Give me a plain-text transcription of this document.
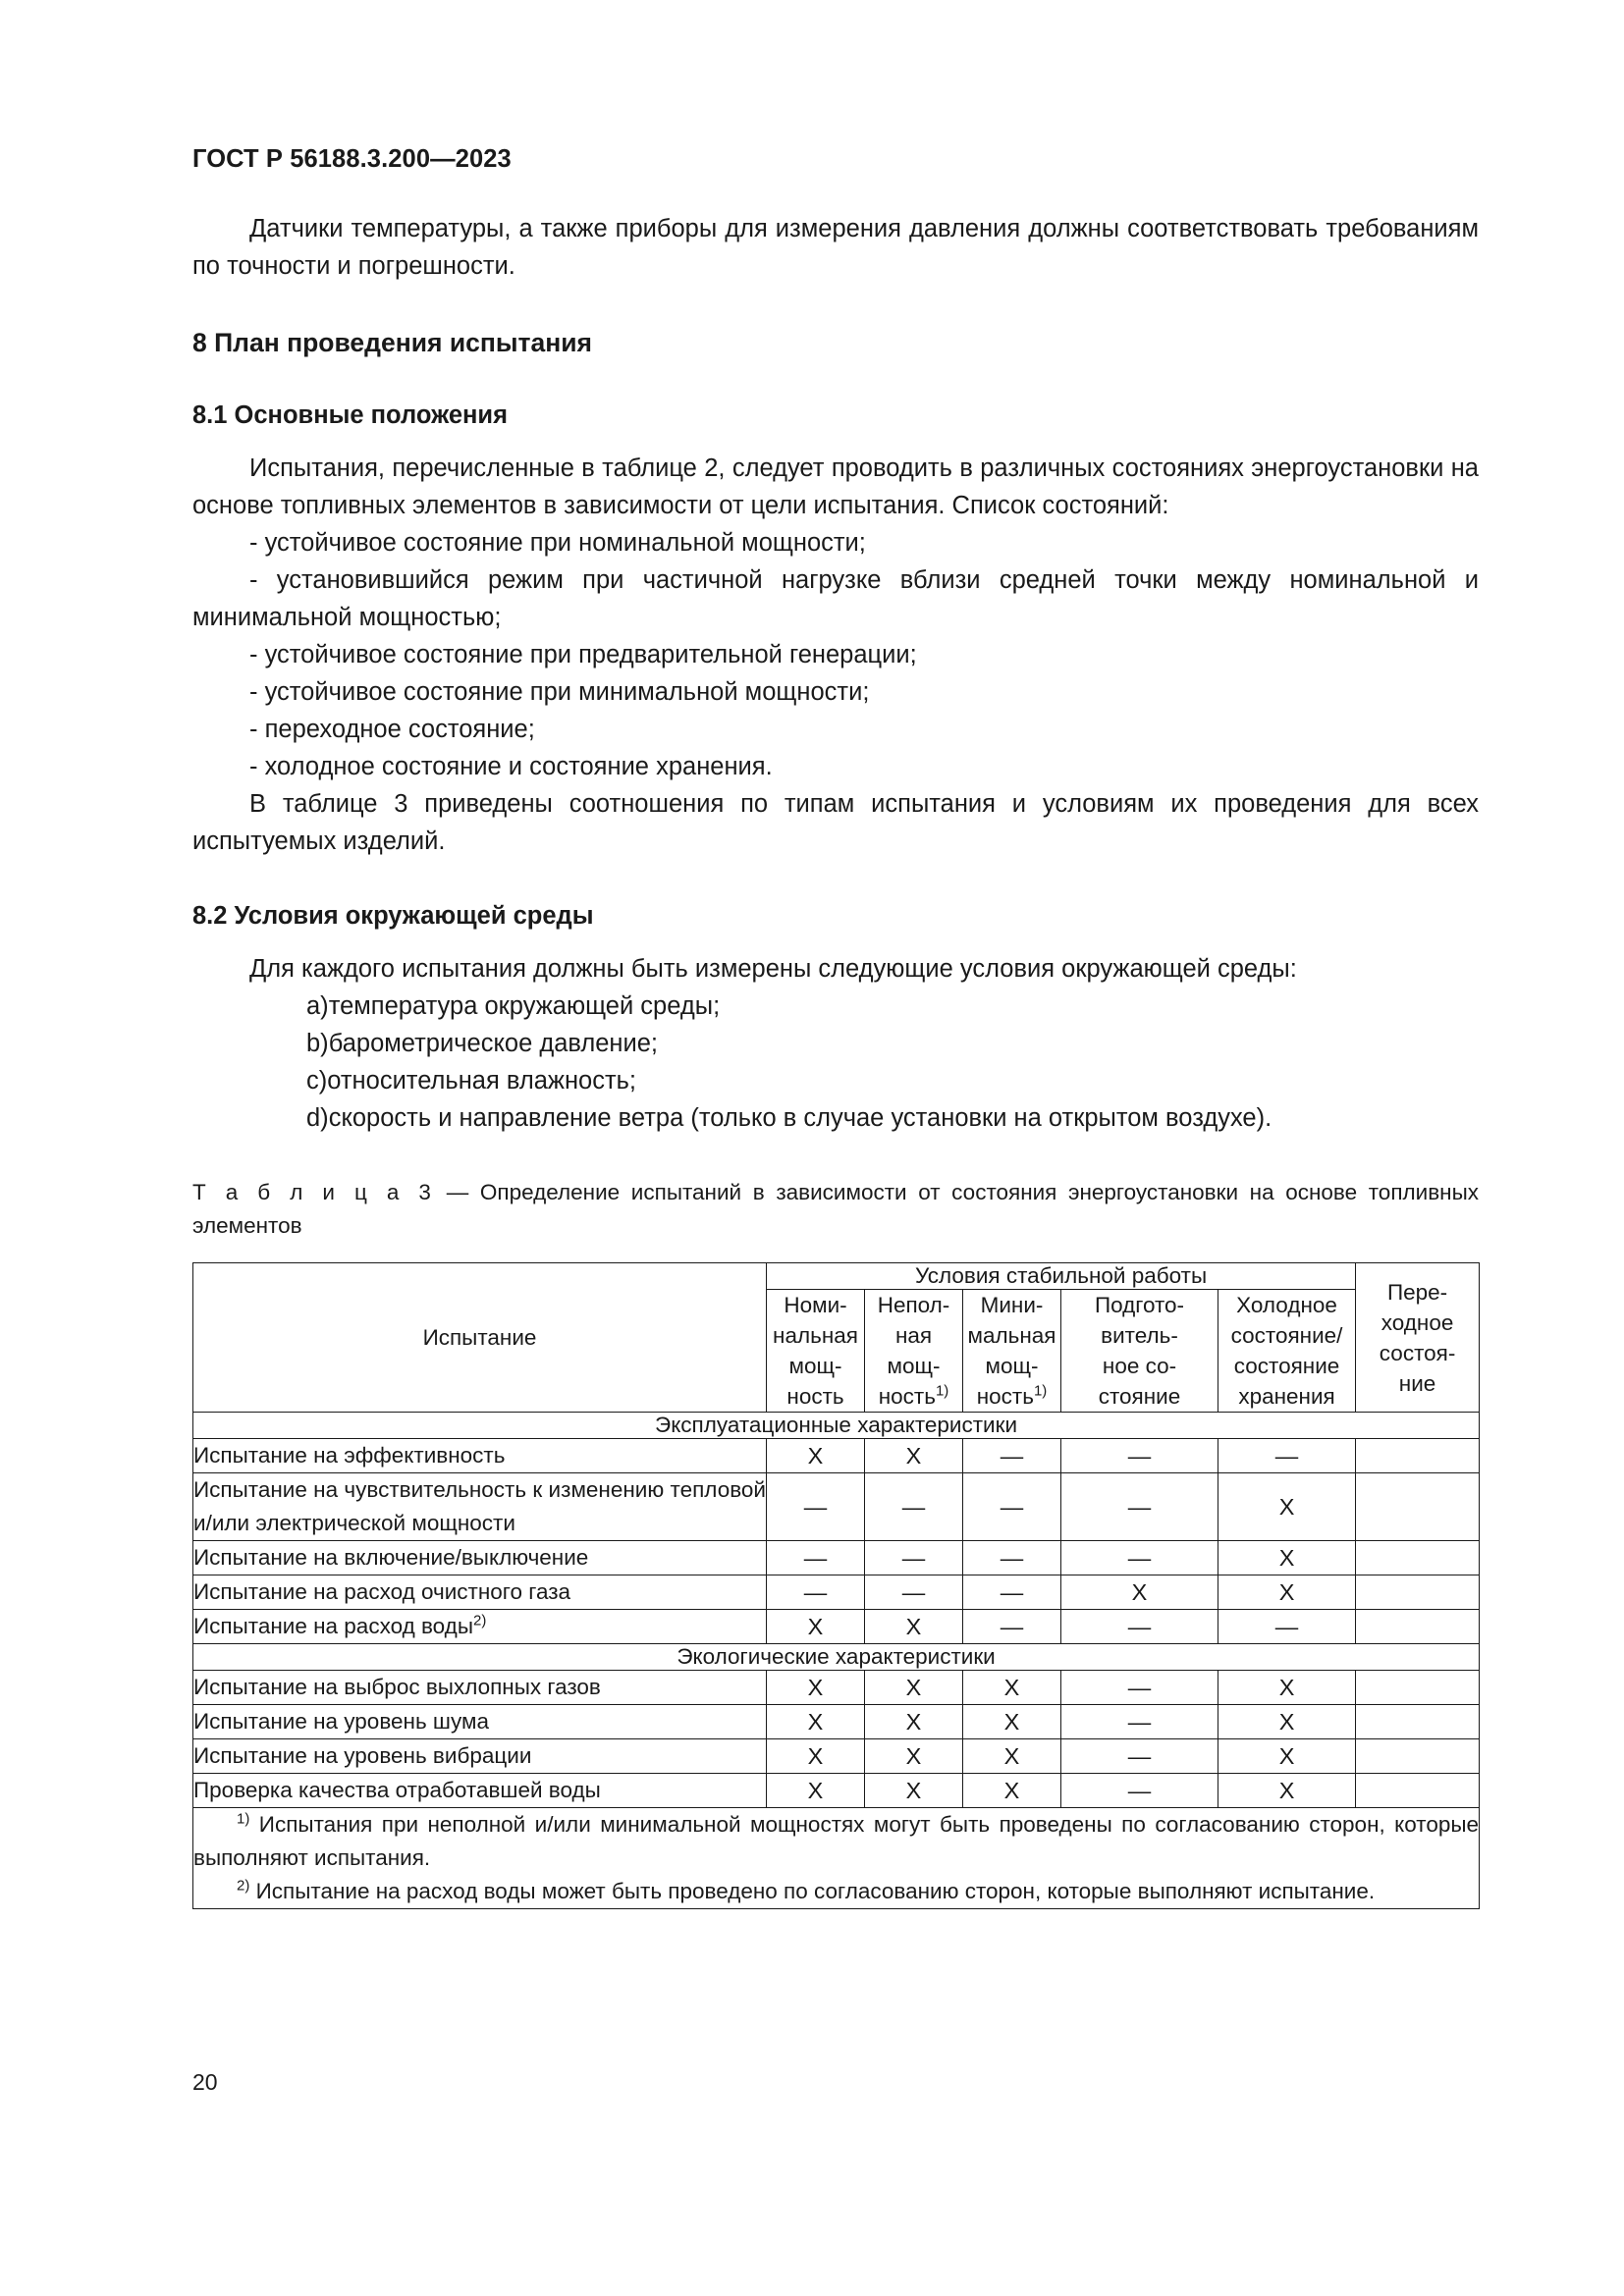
ГОСТ Р 56188.3.200—2023

Датчики температуры, а также приборы для измерения давления должны соответствовать требованиям по точности и погрешности.

8 План проведения испытания
8.1 Основные положения

Испытания, перечисленные в таблице 2, следует проводить в различных состояниях энергоустановки на основе топливных элементов в зависимости от цели испытания. Список состояний:

- устойчивое состояние при номинальной мощности;

- установившийся режим при частичной нагрузке вблизи средней точки между номинальной и минимальной мощностью;

- устойчивое состояние при предварительной генерации;

- устойчивое состояние при минимальной мощности;

- переходное состояние;

- холодное состояние и состояние хранения.

В таблице 3 приведены соотношения по типам испытания и условиям их проведения для всех испытуемых изделий.

8.2 Условия окружающей среды

Для каждого испытания должны быть измерены следующие условия окружающей среды:

a)температура окружающей среды;

b)барометрическое давление;

c)относительная влажность;

d)скорость и направление ветра (только в случае установки на открытом воздухе).

Т а б л и ц а 3 — Определение испытаний в зависимости от состояния энергоустановки на основе топливных элементов

Испытание	Условия стабильной работы					Пере-
ходное
состоя-
ние
	Номи-
нальная
мощ-
ность	Непол-
ная
мощ-
ность$^{1)}$	Мини-
мальная
мощ-
ность$^{1)}$	Подгото-
витель-
ное со-
стояние	Холодное
состояние/
состояние
хранения	
Эксплуатационные характеристики						
Испытание на эффективность	X	X	—	—	—	
Испытание на чувствительность к изменению тепловой и/или электрической мощности	—	—	—	—	X	
Испытание на включение/выключение	—	—	—	—	X	
Испытание на расход очистного газа	—	—	—	X	X	
Испытание на расход воды$^{2)}$	X	X	—	—	—	
Экологические характеристики						
Испытание на выброс выхлопных газов	X	X	X	—	X	
Испытание на уровень шума	X	X	X	—	X	
Испытание на уровень вибрации	X	X	X	—	X	
Проверка качества отработавшей воды	X	X	X	—	X	

$^{1)}$ Испытания при неполной и/или минимальной мощностях могут быть проведены по согласованию сторон, которые выполняют испытания.

$^{2)}$ Испытание на расход воды может быть проведено по согласованию сторон, которые выполняют испытание.						

20
